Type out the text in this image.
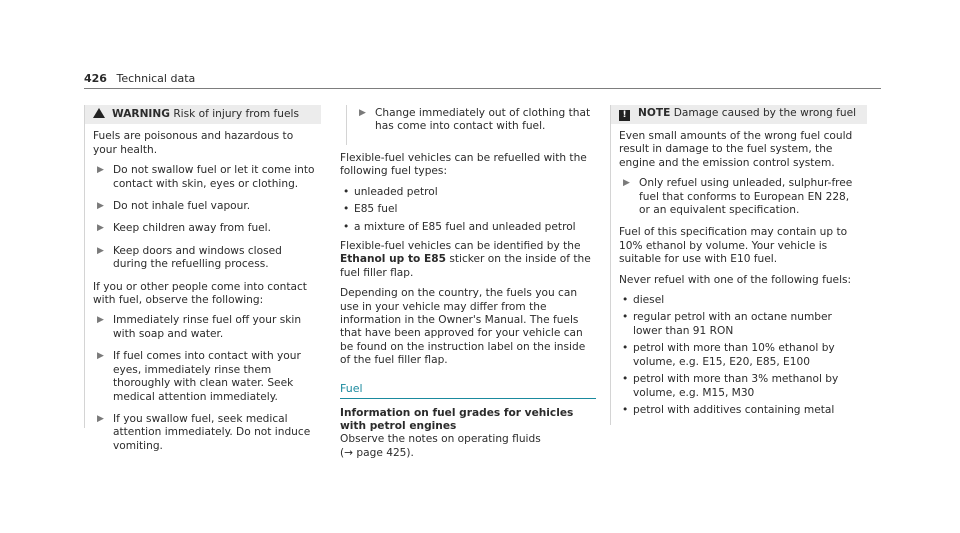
426 Technical data
WARNING Risk of injury from fuels

Fuels are poisonous and hazardous to your health.

▶ Do not swallow fuel or let it come into contact with skin, eyes or clothing.
▶ Do not inhale fuel vapour.
▶ Keep children away from fuel.
▶ Keep doors and windows closed during the refuelling process.

If you or other people come into contact with fuel, observe the following:

▶ Immediately rinse fuel off your skin with soap and water.
▶ If fuel comes into contact with your eyes, immediately rinse them thoroughly with clean water. Seek medical attention immediately.
▶ If you swallow fuel, seek medical attention immediately. Do not induce vomiting.
▶ Change immediately out of clothing that has come into contact with fuel.

Flexible-fuel vehicles can be refuelled with the following fuel types:

• unleaded petrol
• E85 fuel
• a mixture of E85 fuel and unleaded petrol

Flexible-fuel vehicles can be identified by the Ethanol up to E85 sticker on the inside of the fuel filler flap.

Depending on the country, the fuels you can use in your vehicle may differ from the information in the Owner's Manual. The fuels that have been approved for your vehicle can be found on the instruction label on the inside of the fuel filler flap.

Fuel

Information on fuel grades for vehicles with petrol engines

Observe the notes on operating fluids
(→ page 425).

! NOTE Damage caused by the wrong fuel

Even small amounts of the wrong fuel could result in damage to the fuel system, the engine and the emission control system.

▶ Only refuel using unleaded, sulphur-free fuel that conforms to European EN 228, or an equivalent specification.

Fuel of this specification may contain up to 10% ethanol by volume. Your vehicle is suitable for use with E10 fuel.

Never refuel with one of the following fuels:

• diesel
• regular petrol with an octane number lower than 91 RON
• petrol with more than 10% ethanol by volume, e.g. E15, E20, E85, E100
• petrol with more than 3% methanol by volume, e.g. M15, M30
• petrol with additives containing metal
